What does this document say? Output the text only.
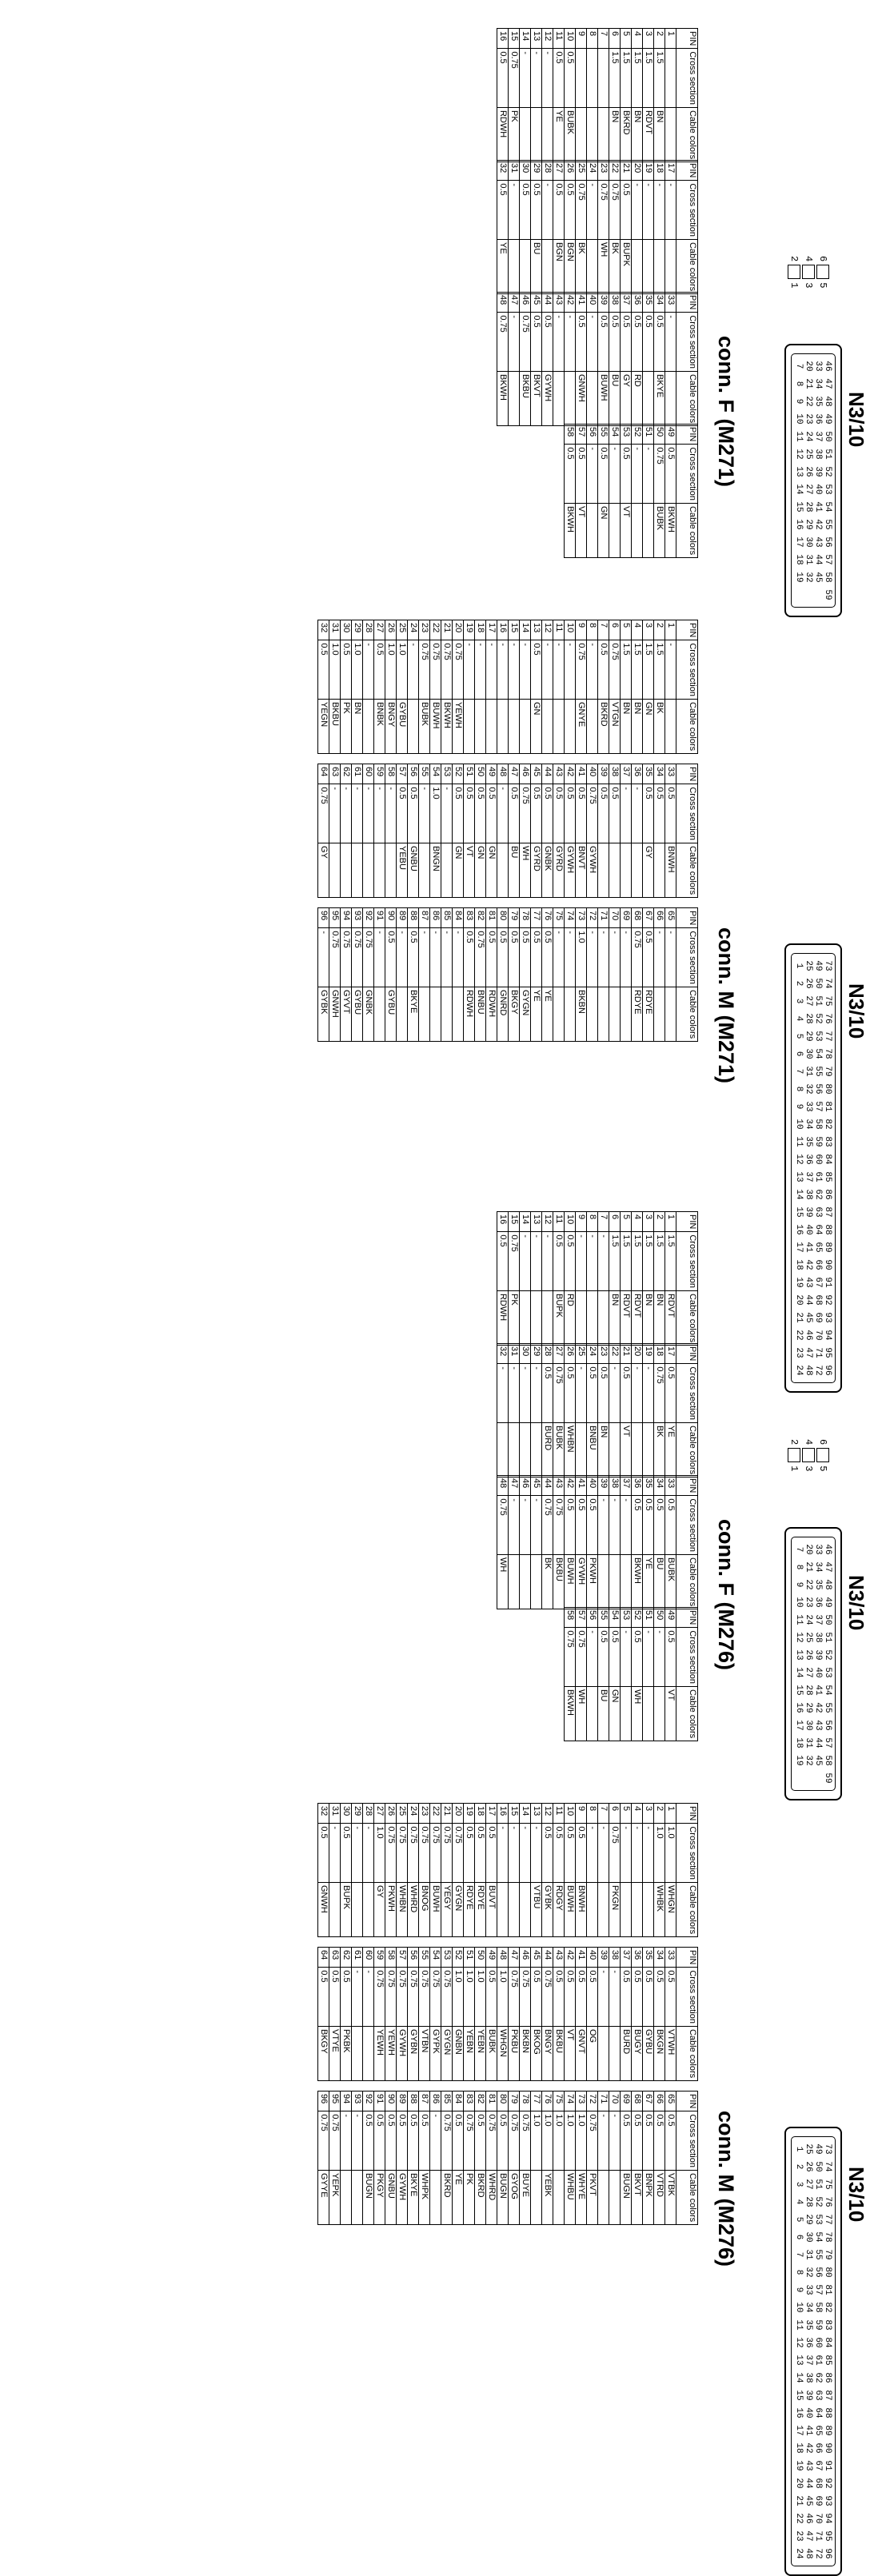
N3/10
46
47
48
49
50
51
52
53
54
55
56
57
58
59
33
34
35
36
37
38
39
40
41
42
43
44
45
20
21
22
23
24
25
26
27
28
29
30
31
32
7
8
9
10
11
12
13
14
15
16
17
18
19
6
5
4
3
2
1
conn. F (M271)
PIN	Cross section	Cable colors
1		
2	1.5	BN
3	1.5	RDVT
4	1.5	BN
5	1.5	BKRD
6	1.5	BN
7		
8		
9		
10	0.5	BUBK
11	0.5	YE
12	-	
13	-	
14	-	
15	0.75	PK
16	0.5	RDWH
PIN	Cross section	Cable colors
17	-	
18	-	
19	-	
20	-	
21	0.5	BUPK
22	0.75	BK
23	0.75	WH
24	-	
25	0.75	BK
26	0.5	BGN
27	0.5	BGN
28	-	
29	0.5	BU
30	0.5	
31	-	
32	0.5	YE
PIN	Cross section	Cable colors
33	-	
34	0.5	BKYE
35	0.5	
36	0.5	RD
37	0.5	GY
38	0.5	BU
39	0.5	BUWH
40	-	
41	0.5	GNWH
42	-	
43	-	
44	0.5	GYWH
45	0.5	BKVT
46	0.75	BKBU
47	-	
48	0.75	BKWH
PIN	Cross section	Cable colors
49	0.5	BKWH
50	0.75	BUBK
51	-	
52	-	
53	0.5	VT
54	-	
55	0.5	GN
56	-	
57	0.5	VT
58	0.5	BKWH
N3/10
73
74
75
76
77
78
79
80
81
82
83
84
85
86
87
88
89
90
91
92
93
94
95
96
49
50
51
52
53
54
55
56
57
58
59
60
61
62
63
64
65
66
67
68
69
70
71
72
25
26
27
28
29
30
31
32
33
34
35
36
37
38
39
40
41
42
43
44
45
46
47
48
1
2
3
4
5
6
7
8
9
10
11
12
13
14
15
16
17
18
19
20
21
22
23
24
conn. M (M271)
PIN	Cross section	Cable colors
1	-	
2	1.5	BK
3	1.5	GN
4	1.5	BN
5	1.5	BN
6	0.75	VTGN
7	0.5	BKRD
8	-	
9	0.75	GNYE
10	-	
11	-	
12	-	
13	0.5	GN
14	-	
15	-	
16	-	
17	-	
18	-	
19	-	
20	0.75	YEWH
21	0.75	BKWH
22	0.75	BUWH
23	0.75	BUBK
24	-	
25	1.0	GYBU
26	1.0	BNGY
27	0.5	BNBK
28	-	
29	1.0	BN
30	0.5	PK
31	1.0	BKBU
32	0.5	YEGN
PIN	Cross section	Cable colors
33	0.5	BNWH
34	0.5	
35	0.5	GY
36	-	
37	-	
38	0.5	
39	0.5	
40	0.75	GYWH
41	0.5	BNVT
42	0.5	GYWH
43	0.5	GYRD
44	0.5	GNBK
45	0.5	GYRD
46	0.75	WH
47	0.5	BU
48	-	
49	0.5	GN
50	0.5	GN
51	0.5	VT
52	0.5	GN
53	-	
54	1.0	BNGN
55	-	
56	0.5	GNBU
57	0.5	YEBU
58	-	
59	-	
60	-	
61	-	
62	-	
63	-	
64	0.75	GY
PIN	Cross section	Cable colors
65	-	
66	-	
67	0.5	RDYE
68	0.75	RDYE
69	-	
70	-	
71	-	
72	-	
73	1.0	BKBN
74	-	
75	-	
76	0.5	YE
77	0.5	YE
78	0.5	GYGN
79	0.5	BKGY
80	0.5	GNRD
81	0.5	RDWH
82	0.75	BNBU
83	0.5	RDWH
84	-	
85	-	
86	-	
87	-	
88	0.5	BKYE
89	-	
90	0.5	GYBU
91	-	
92	0.75	GNBK
93	0.75	GYBU
94	0.75	GYVT
95	0.75	GNWH
96	-	GYBK
N3/10
46
47
48
49
50
51
52
53
54
55
56
57
58
59
33
34
35
36
37
38
39
40
41
42
43
44
45
20
21
22
23
24
25
26
27
28
29
30
31
32
7
8
9
10
11
12
13
14
15
16
17
18
19
6
5
4
3
2
1
conn. F (M276)
PIN	Cross section	Cable colors
1	1.5	RDVT
2	1.5	BN
3	1.5	BN
4	1.5	RDVT
5	1.5	RDVT
6	1.5	BN
7	-	
8	-	
9	-	
10	0.5	RD
11	0.5	BUPK
12	-	
13	-	
14	-	
15	0.75	PK
16	0.5	RDWH
PIN	Cross section	Cable colors
17	0.5	YE
18	0.75	BK
19	-	
20	-	
21	0.5	VT
22	-	
23	0.5	BN
24	0.5	BNBU
25	-	
26	0.5	WHBN
27	0.75	BUBK
28	0.5	BURD
29	-	
30	-	
31	-	
32	-	
PIN	Cross section	Cable colors
33	0.5	BUBK
34	0.5	BU
35	0.5	YE
36	0.5	BKWH
37	-	
38	-	
39	-	
40	0.5	PKWH
41	0.5	GYWH
42	0.5	BUWH
43	0.75	BKBU
44	0.75	BK
45	-	
46	-	
47	-	
48	0.75	WH
PIN	Cross section	Cable colors
49	0.5	VT
50	-	
51	-	
52	0.5	WH
53	-	
54	0.5	GN
55	0.5	BU
56	-	
57	0.75	WH
58	0.75	BKWH
N3/10
73
74
75
76
77
78
79
80
81
82
83
84
85
86
87
88
89
90
91
92
93
94
95
96
49
50
51
52
53
54
55
56
57
58
59
60
61
62
63
64
65
66
67
68
69
70
71
72
25
26
27
28
29
30
31
32
33
34
35
36
37
38
39
40
41
42
43
44
45
46
47
48
1
2
3
4
5
6
7
8
9
10
11
12
13
14
15
16
17
18
19
20
21
22
23
24
conn. M (M276)
PIN	Cross section	Cable colors
1	1.0	WHGN
2	1.0	WHBK
3	-	
4	-	
5	-	
6	0.75	PKGN
7	-	
8	-	
9	0.5	BNWH
10	0.5	BUWH
11	0.5	RDGY
12	0.5	GYBK
13	-	VTBU
14	-	
15	-	
16	-	
17	0.5	BUVT
18	0.5	RDYE
19	0.5	RDYE
20	0.75	GYGN
21	0.75	YEGY
22	0.75	BUWH
23	0.75	BNOG
24	0.75	WHRD
25	0.75	WHBN
26	0.75	PKWH
27	1.0	GY
28	-	
29	-	
30	0.5	BUPK
31	-	
32	0.5	GNWH
PIN	Cross section	Cable colors
33	0.5	VTWH
34	0.5	BKGN
35	0.5	GYBU
36	0.5	BUGY
37	0.5	BURD
38	-	
39	-	
40	0.5	OG
41	0.5	GNVT
42	0.5	VT
43	0.5	BKBU
44	0.75	BNGY
45	0.5	BKOG
46	0.75	BKBN
47	0.75	PKBU
48	1.0	WHGN
49	0.5	BUBK
50	1.0	YEBN
51	1.0	YEBN
52	1.0	GNBN
53	0.75	GYGN
54	0.75	GYPK
55	0.75	VTBN
56	0.75	GYBN
57	0.75	GYWH
58	0.75	YEWH
59	0.75	YEWH
60	-	
61	-	
62	0.5	PKBK
63	0.5	VTYE
64	0.5	BKGY
PIN	Cross section	Cable colors
65	0.5	VTBK
66	0.5	VTRD
67	0.5	BNPK
68	0.5	BKVT
69	0.5	BUGN
70	-	
71	-	
72	0.75	PKVT
73	1.0	WHYE
74	1.0	WHBU
75	1.0	
76	1.0	YEBK
77	1.0	
78	0.75	BUYE
79	0.75	GYOG
80	0.5	BUGN
81	0.75	WHRD
82	0.5	BKRD
83	0.75	PK
84	0.5	YE
85	0.75	BKRD
86	-	
87	0.5	WHPK
88	0.5	BKYE
89	0.5	GYWH
90	0.5	GNBU
91	0.5	PKGY
92	0.5	BUGN
93	-	
94	-	
95	0.75	YEPK
96	0.75	GYYE
